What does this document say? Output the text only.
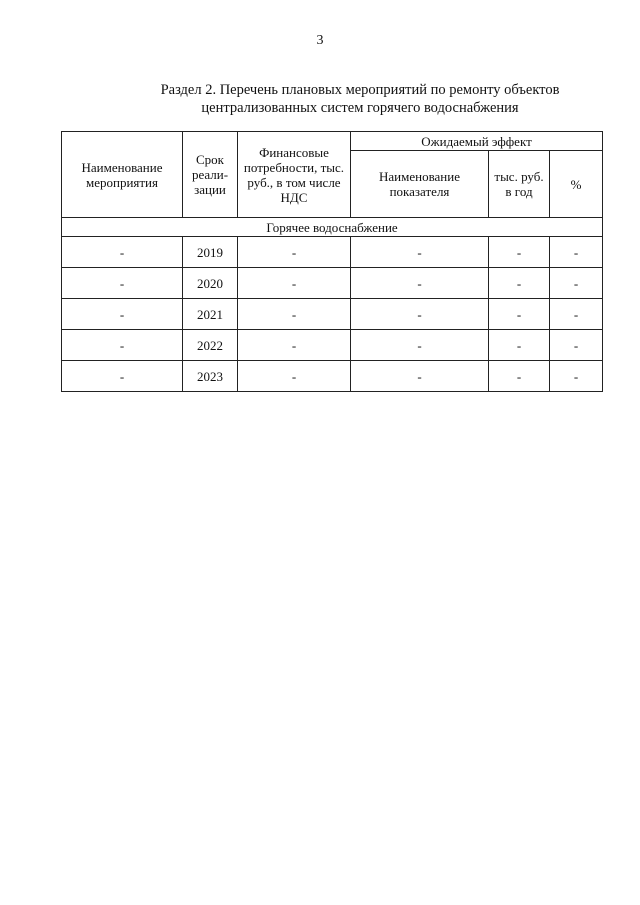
3
Раздел 2. Перечень плановых мероприятий по ремонту объектов
централизованных систем горячего водоснабжения
Наименование мероприятия	Срок реали-зации	Финансовые потребности, тыс. руб., в том числе НДС	Ожидаемый эффект		
			Наименование показателя	тыс. руб. в год	%
Горячее водоснабжение					
-	2019	-	-	-	-
-	2020	-	-	-	-
-	2021	-	-	-	-
-	2022	-	-	-	-
-	2023	-	-	-	-
